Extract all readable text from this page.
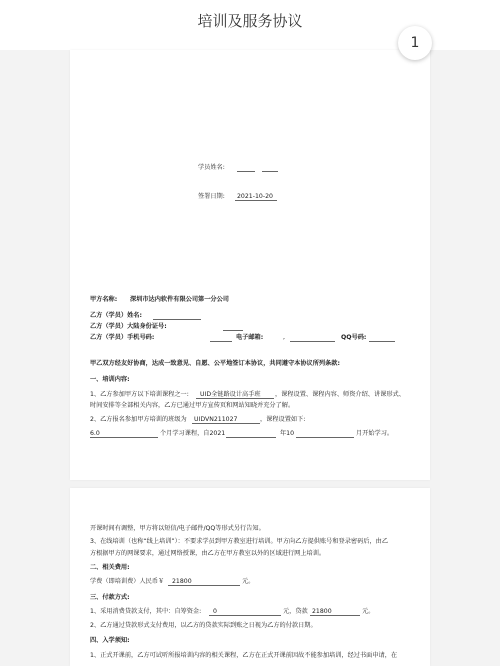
培训及服务协议
学员姓名:
签署日期: 2021-10-20
甲方名称: 深圳市达内软件有限公司第一分公司
乙方（学员）姓名:
乙方（学员）大陆身份证号:
乙方（学员）手机号码:	电子邮箱:	,	QQ号码:
甲乙双方经友好协商，达成一致意见、自愿、公平地签订本协议，共同遵守本协议所列条款:
一、培训内容:
1、乙方参加甲方以下培训课程之一: UID全链路设计高手班 ，课程设置、课程内容、师资介绍、讲课形式、
时间安排等全部相关内容，乙方已通过甲方宣传页和网站知晓并充分了解。
2、乙方报名参加甲方培训的班级为 UIDVN211027	，课程设置如下:
6.0	个月学习课程，自2021	年10	月开始学习。
开课时间有调整，甲方将以短信/电子邮件/QQ等形式另行告知。
3、在线培训（也称“线上培训”）：不要求学员到甲方教室进行培训。甲方向乙方提供账号和登录密码后，由乙
方根据甲方的网课要求，通过网络授课，由乙方在甲方教室以外的区域进行网上培训。
二、相关费用:
学费（即培训费）人民币￥ 21800	元。
三、付款方式:
1、采用消费贷款支付，其中：自筹资金: 0	元，贷款 21800	元。
2、乙方通过贷款形式支付费用，以乙方的贷款实际到账之日视为乙方的付款日期。
四、入学须知:
1、正式开课前，乙方可试听所报培训内容的相关课程，乙方在正式开课前因故不能参加培训，经过书面申请，在
1
